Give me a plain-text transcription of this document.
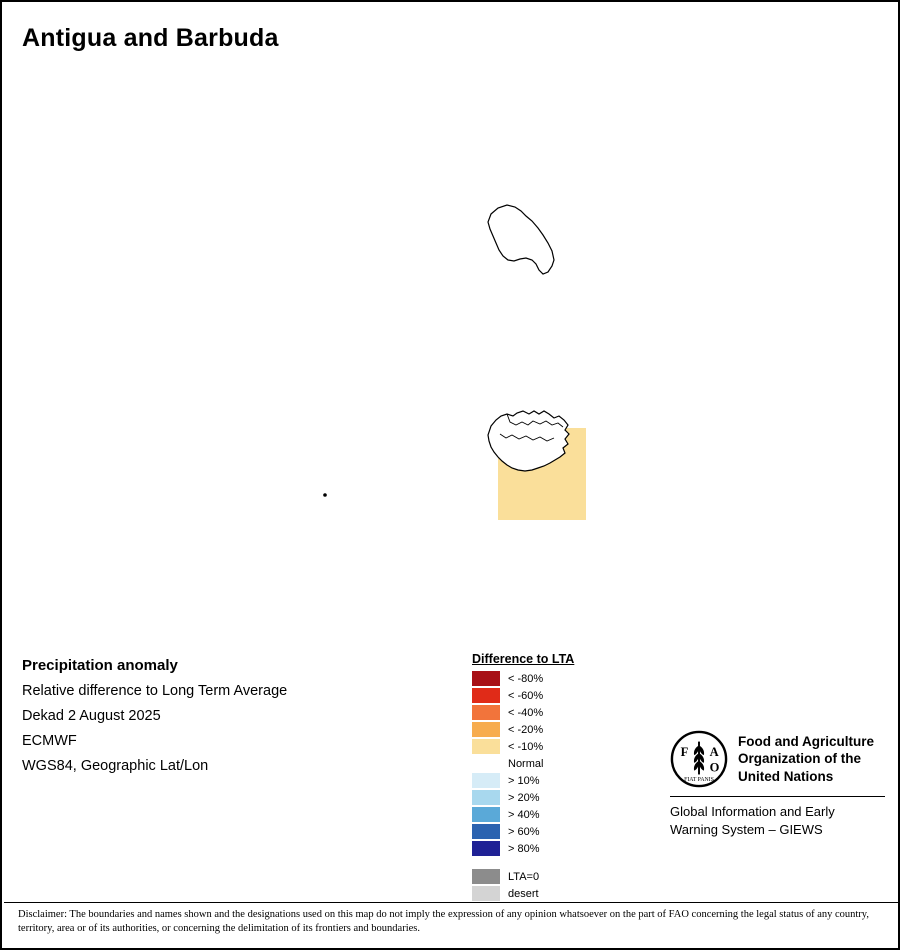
Antigua and Barbuda
Precipitation anomaly
Relative difference to Long Term Average
Dekad 2 August 2025
ECMWF
WGS84, Geographic Lat/Lon
Difference to LTA
< -80%
< -60%
< -40%
< -20%
< -10%
Normal
> 10%
> 20%
> 40%
> 60%
> 80%
LTA=0
desert
F A
O
FIAT PANIS
Food and Agriculture Organization of the United Nations
Global Information and Early Warning System – GIEWS
Disclaimer: The boundaries and names shown and the designations used on this map do not imply the expression of any opinion whatsoever on the part of FAO concerning the legal status of any country, territory, area or of its authorities, or concerning the delimitation of its frontiers and boundaries.
